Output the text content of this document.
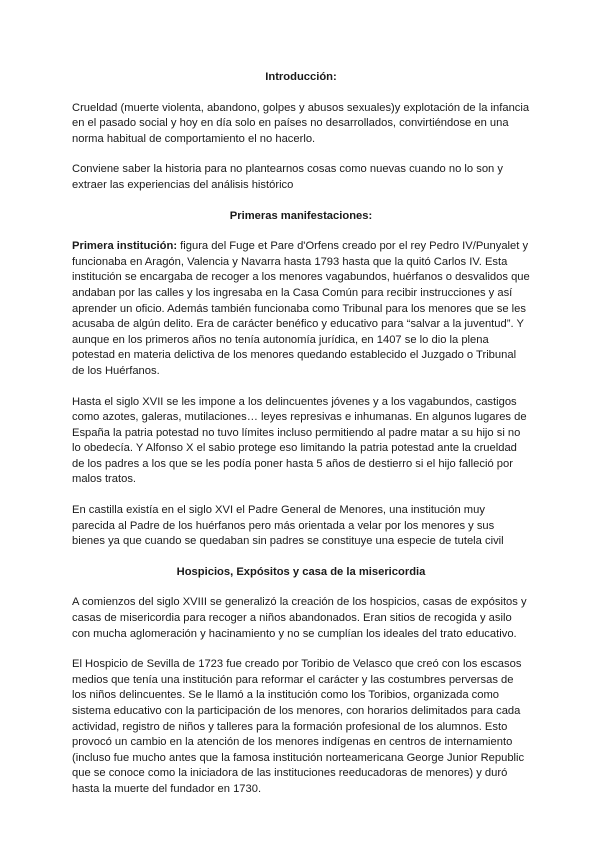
Introducción:

Crueldad (muerte violenta, abandono, golpes y abusos sexuales)y explotación de la infancia en el pasado social y hoy en día solo en países no desarrollados, convirtiéndose en una norma habitual de comportamiento el no hacerlo.

Conviene saber la historia para no plantearnos cosas como nuevas cuando no lo son y extraer las experiencias del análisis histórico

Primeras manifestaciones:

Primera institución: figura del Fuge et Pare d'Orfens creado por el rey Pedro IV/Punyalet y funcionaba en Aragón, Valencia y Navarra hasta 1793 hasta que la quitó Carlos IV. Esta institución se encargaba de recoger a los menores vagabundos, huérfanos o desvalidos que andaban por las calles y los ingresaba en la Casa Común para recibir instrucciones y así aprender un oficio. Además también funcionaba como Tribunal para los menores que se les acusaba de algún delito. Era de carácter benéfico y educativo para “salvar a la juventud”. Y aunque en los primeros años no tenía autonomía jurídica, en 1407 se lo dio la plena potestad en materia delictiva de los menores quedando establecido el Juzgado o Tribunal de los Huérfanos.

Hasta el siglo XVII se les impone a los delincuentes jóvenes y a los vagabundos, castigos como azotes, galeras, mutilaciones… leyes represivas e inhumanas. En algunos lugares de España la patria potestad no tuvo límites incluso permitiendo al padre matar a su hijo si no lo obedecía. Y Alfonso X el sabio protege eso limitando la patria potestad ante la crueldad de los padres a los que se les podía poner hasta 5 años de destierro si el hijo falleció por malos tratos.

En castilla existía en el siglo XVI el Padre General de Menores, una institución muy parecida al Padre de los huérfanos pero más orientada a velar por los menores y sus bienes ya que cuando se quedaban sin padres se constituye una especie de tutela civil

Hospicios, Expósitos y casa de la misericordia

A comienzos del siglo XVIII se generalizó la creación de los hospicios, casas de expósitos y casas de misericordia para recoger a niños abandonados. Eran sitios de recogida y asilo con mucha aglomeración y hacinamiento y no se cumplían los ideales del trato educativo.

El Hospicio de Sevilla de 1723 fue creado por Toribio de Velasco que creó con los escasos medios que tenía una institución para reformar el carácter y las costumbres perversas de los niños delincuentes. Se le llamó a la institución como los Toribios, organizada como sistema educativo con la participación de los menores, con horarios delimitados para cada actividad, registro de niños y talleres para la formación profesional de los alumnos. Esto provocó un cambio en la atención de los menores indígenas en centros de internamiento (incluso fue mucho antes que la famosa institución norteamericana George Junior Republic que se conoce como la iniciadora de las instituciones reeducadoras de menores) y duró hasta la muerte del fundador en 1730.
